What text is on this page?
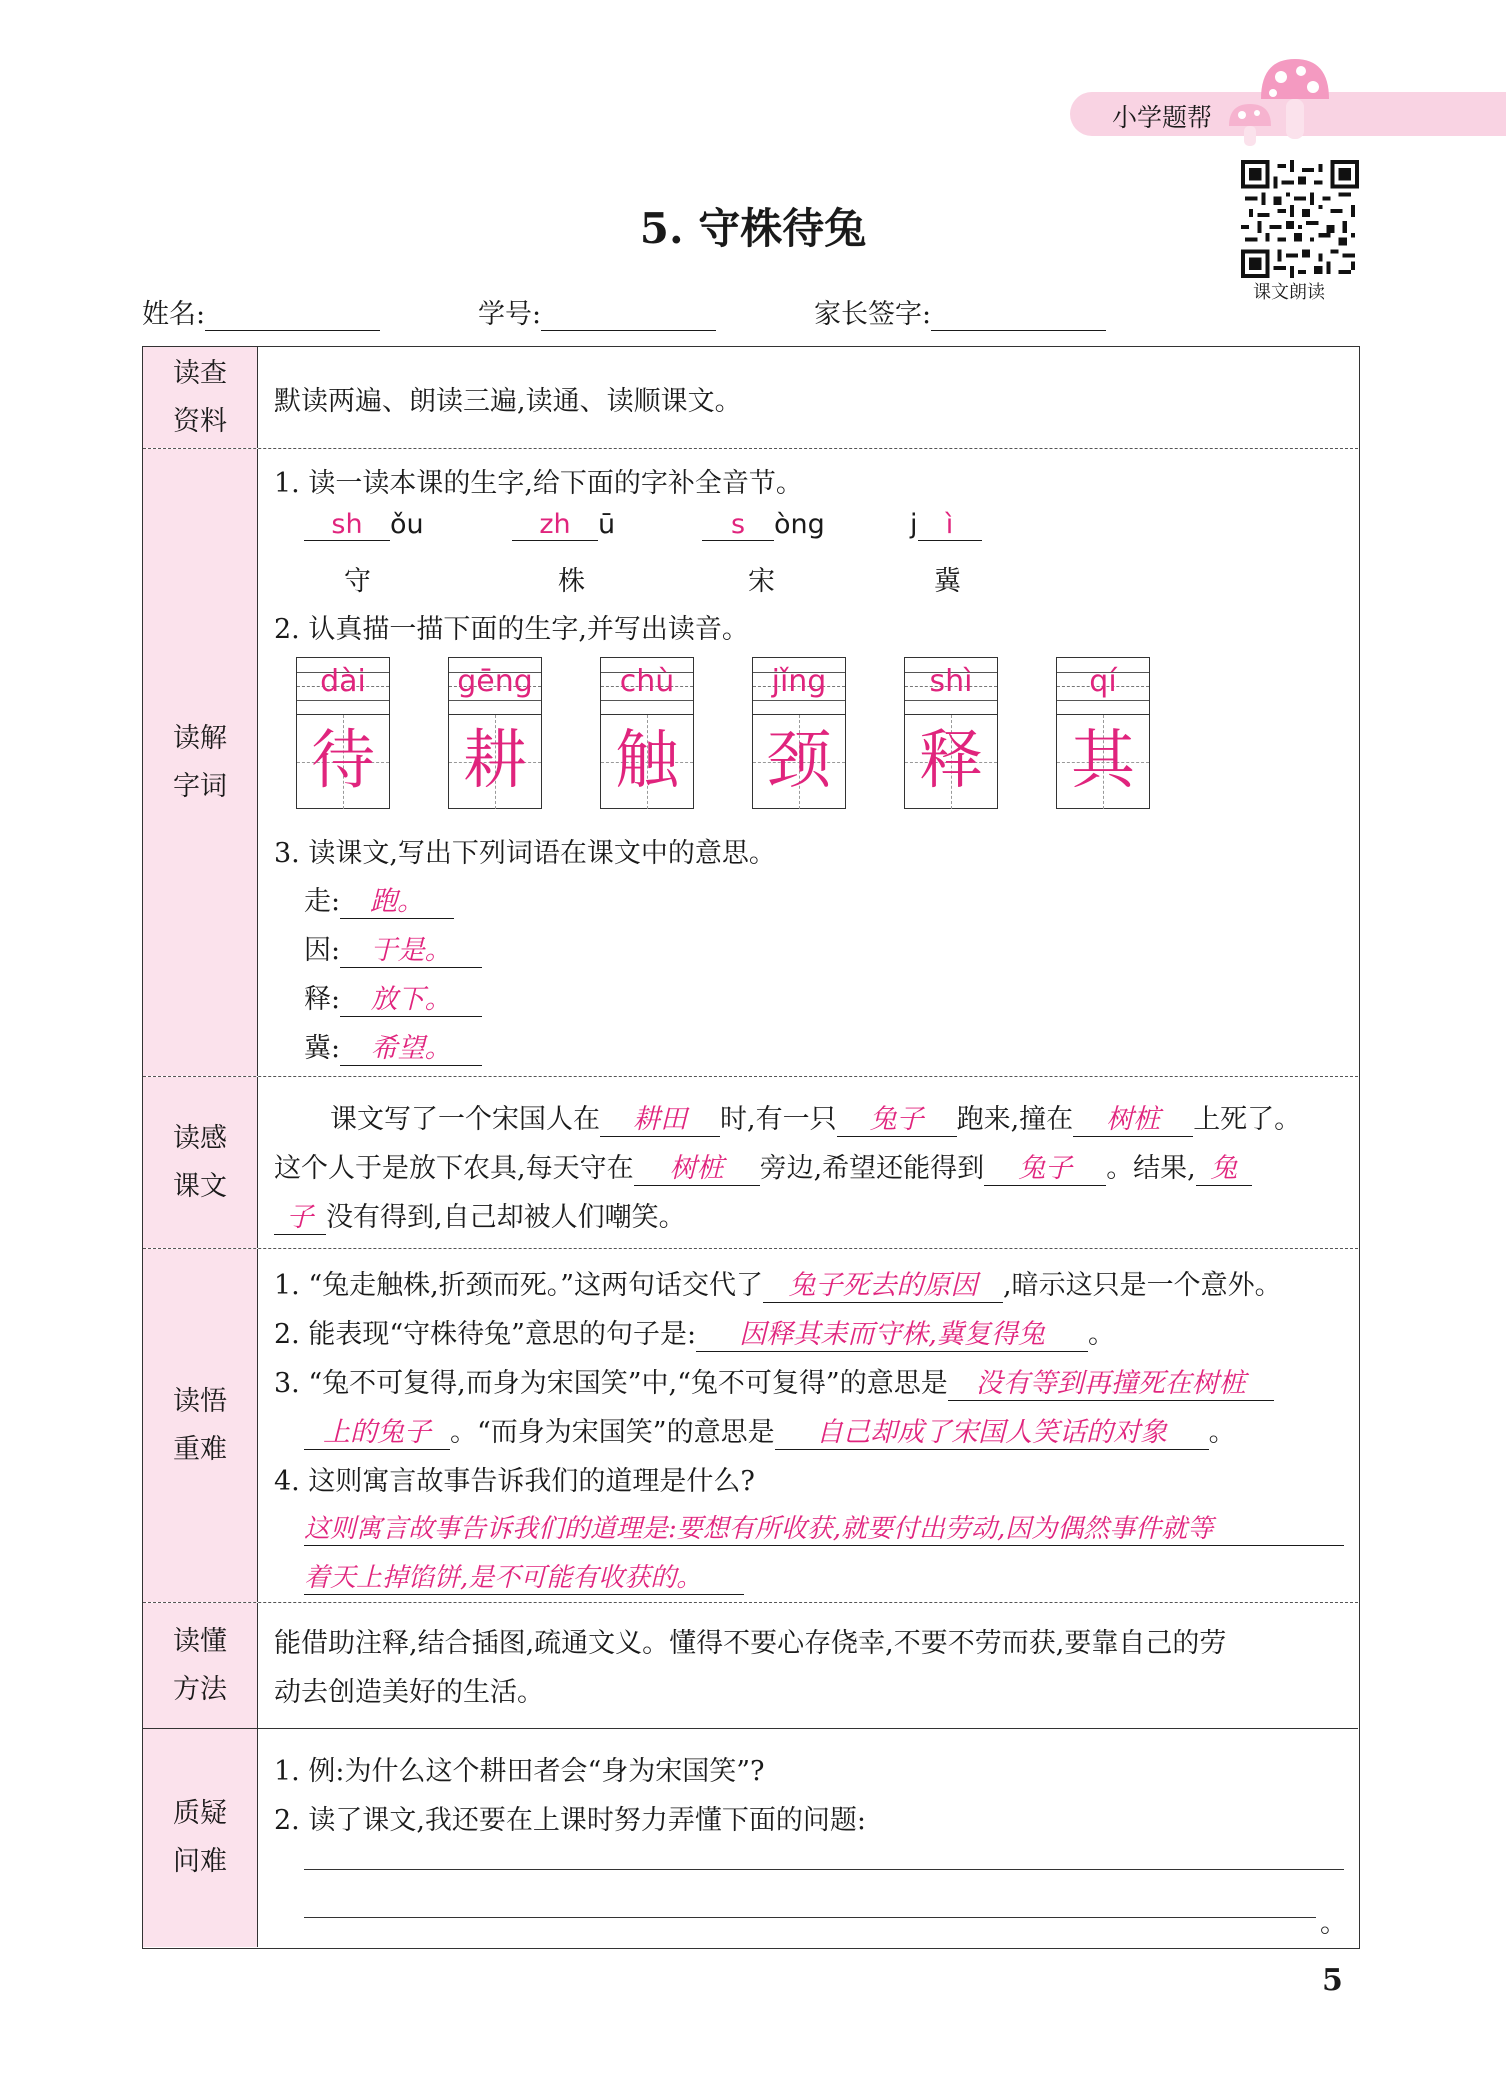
小学题帮
课文朗读
5. 守株待兔
姓名:	学号:	家长签字:
读查资料
默读两遍、朗读三遍,读通、读顺课文。
读解字词
1. 读一读本课的生字,给下面的字补全音节。
sh ǒu
守
zh ū
株
s òng
宋
j ì
冀
2. 认真描一描下面的生字,并写出读音。
dài
待
gēng
耕
chù
触
jǐng
颈
shì
释
qí
其
3. 读课文,写出下列词语在课文中的意思。
走: 跑。
因: 于是。
释: 放下。
冀: 希望。
读感课文
课文写了一个宋国人在 耕田 时,有一只 兔子 跑来,撞在 树桩 上死了。
这个人于是放下农具,每天守在 树桩 旁边,希望还能得到 兔子 。结果, 兔
子 没有得到,自己却被人们嘲笑。
读悟重难
1. “兔走触株,折颈而死。”这两句话交代了 兔子死去的原因 ,暗示这只是一个意外。
2. 能表现“守株待兔”意思的句子是: 因释其耒而守株,冀复得兔 。
3. “兔不可复得,而身为宋国笑”中,“兔不可复得”的意思是 没有等到再撞死在树桩
上的兔子 。“而身为宋国笑”的意思是 自己却成了宋国人笑话的对象 。
4. 这则寓言故事告诉我们的道理是什么?
这则寓言故事告诉我们的道理是:要想有所收获,就要付出劳动,因为偶然事件就等
着天上掉馅饼,是不可能有收获的。
读懂方法
能借助注释,结合插图,疏通文义。懂得不要心存侥幸,不要不劳而获,要靠自己的劳
动去创造美好的生活。
质疑问难
1. 例:为什么这个耕田者会“身为宋国笑”?
2. 读了课文,我还要在上课时努力弄懂下面的问题:
。
5
